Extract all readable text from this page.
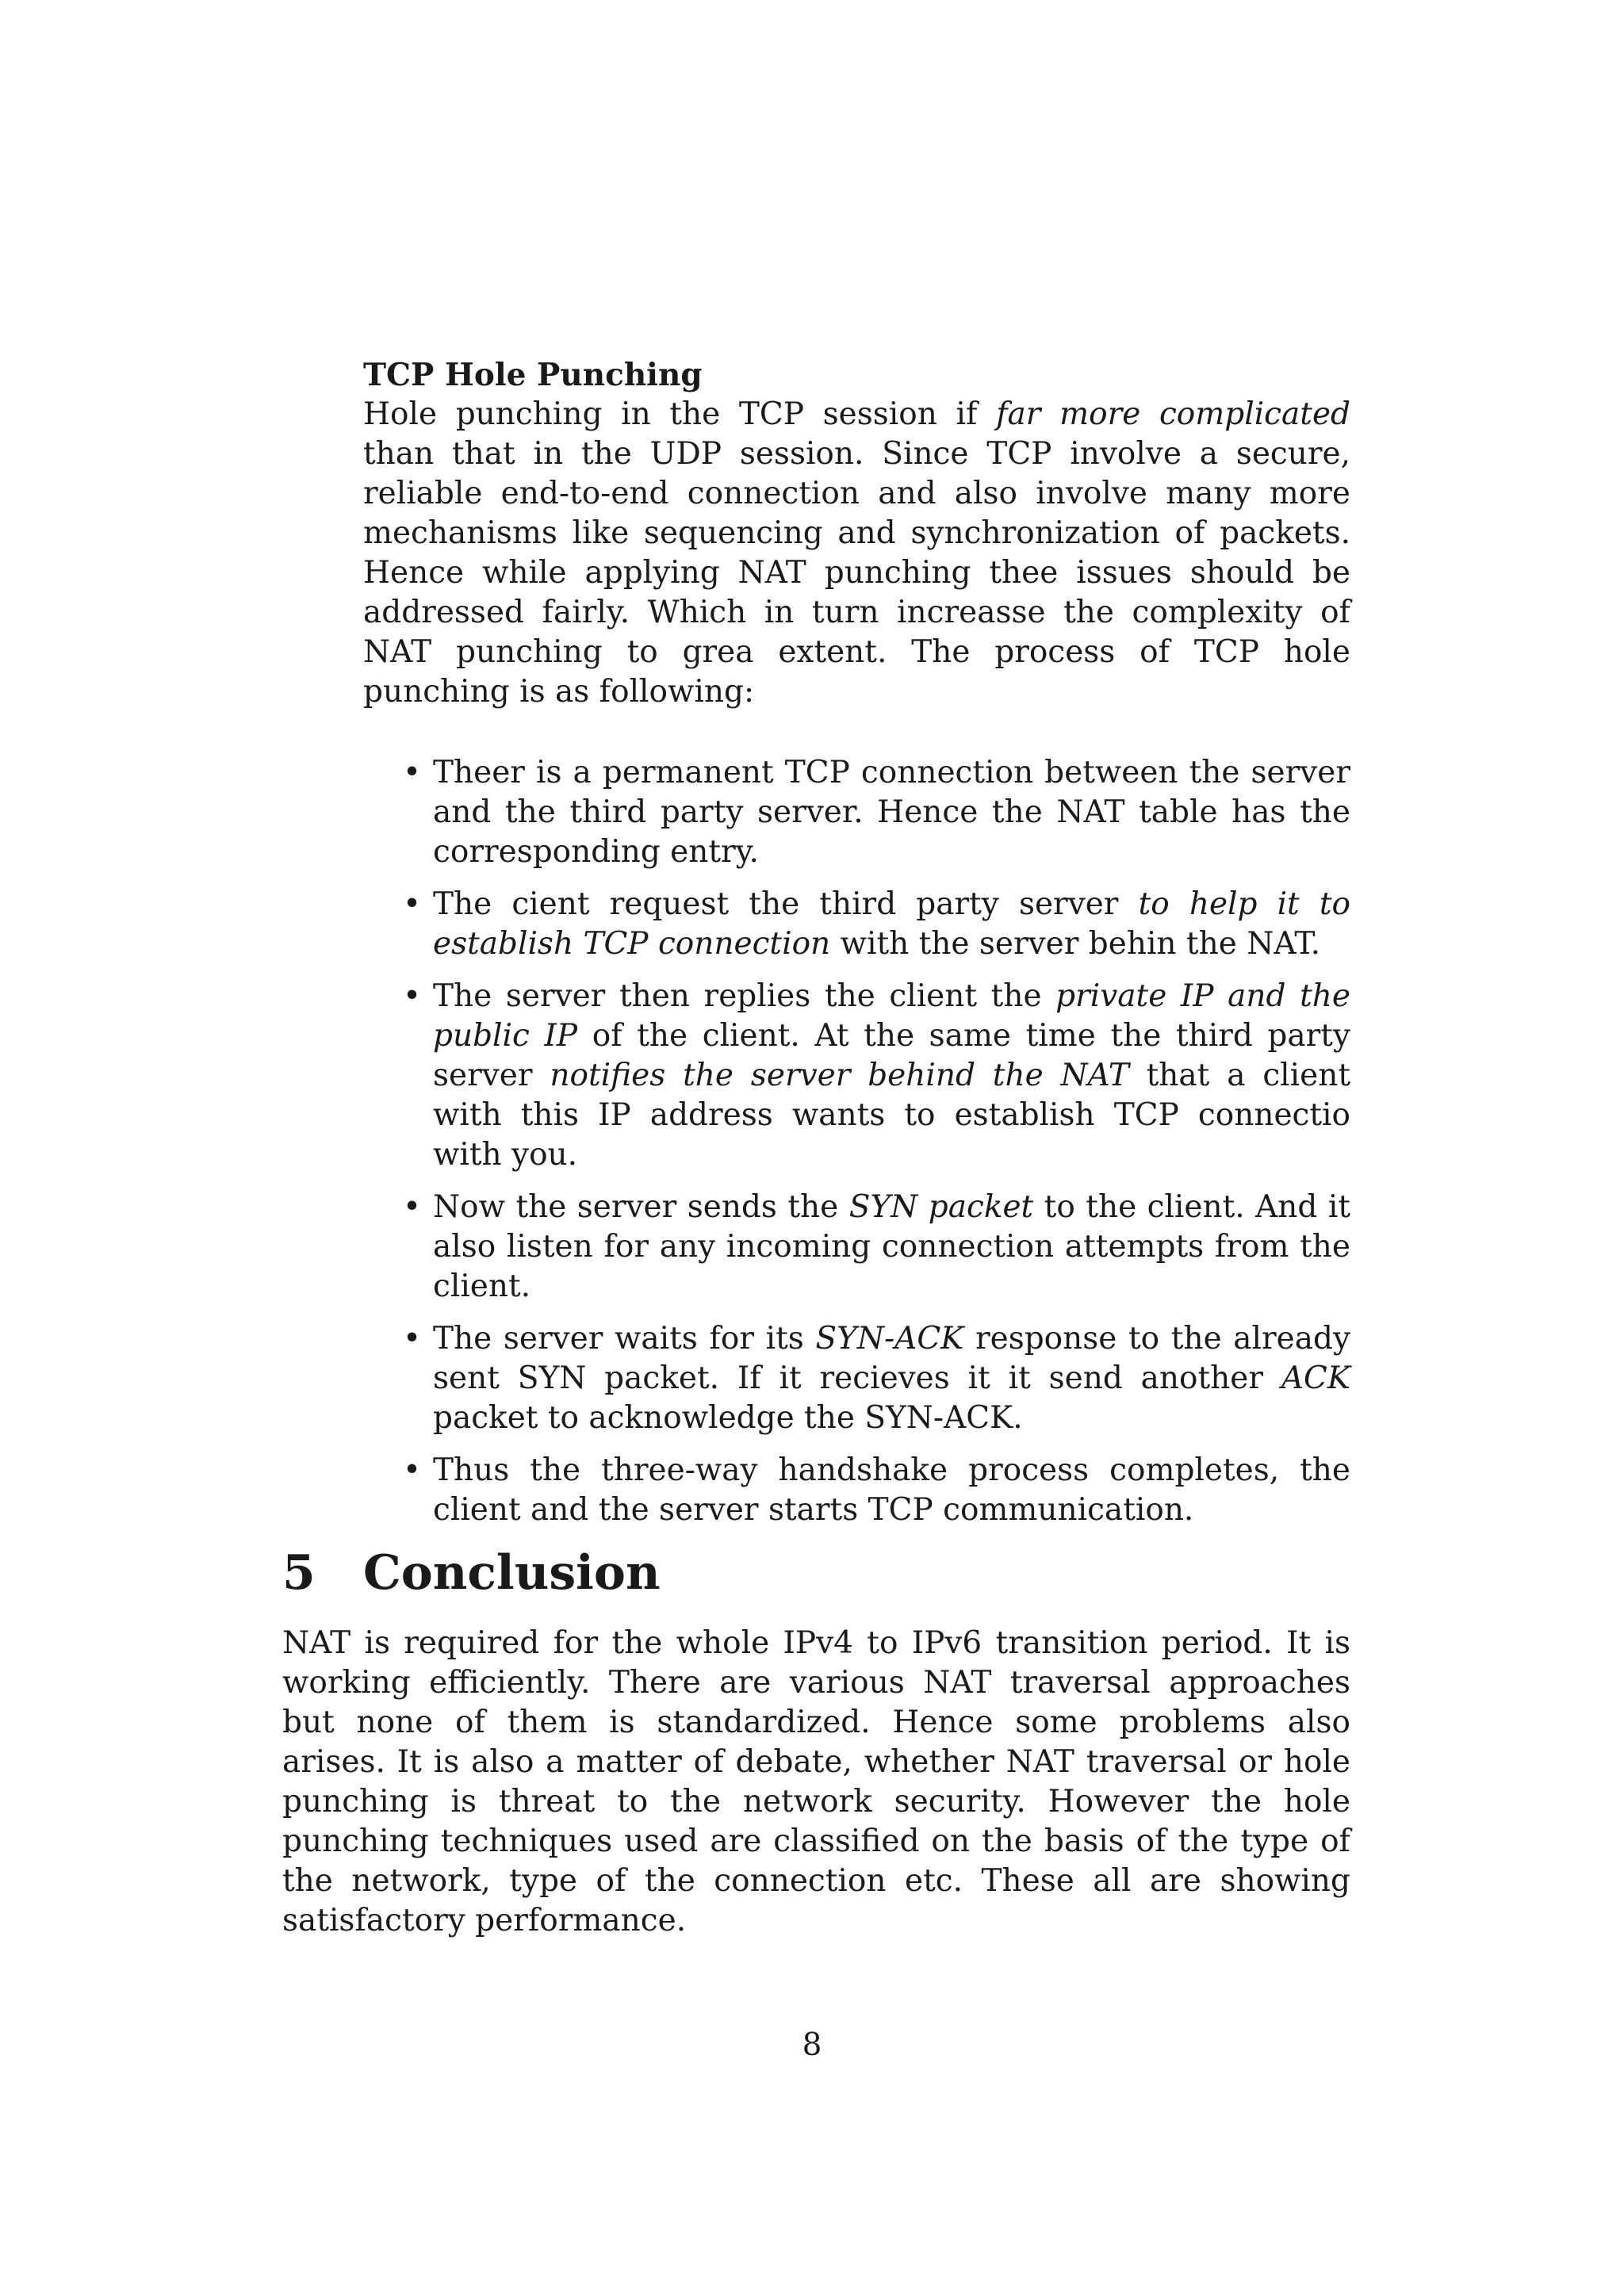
TCP Hole Punching

Hole punching in the TCP session if far more complicated than that in the UDP session. Since TCP involve a secure, reliable end-to-end connection and also involve many more mechanisms like sequencing and synchronization of packets. Hence while applying NAT punching thee issues should be addressed fairly. Which in turn increasse the complexity of NAT punching to grea extent. The process of TCP hole punching is as following:

• Theer is a permanent TCP connection between the server and the third party server. Hence the NAT table has the corresponding entry.
• The cient request the third party server to help it to establish TCP connection with the server behin the NAT.
• The server then replies the client the private IP and the public IP of the client. At the same time the third party server notifies the server behind the NAT that a client with this IP address wants to establish TCP connectio with you.
• Now the server sends the SYN packet to the client. And it also listen for any incoming connection attempts from the client.
• The server waits for its SYN-ACK response to the already sent SYN packet. If it recieves it it send another ACK packet to acknowledge the SYN-ACK.
• Thus the three-way handshake process completes, the client and the server starts TCP communication.
5	Conclusion

NAT is required for the whole IPv4 to IPv6 transition period. It is working efficiently. There are various NAT traversal approaches but none of them is standardized. Hence some problems also arises. It is also a matter of debate, whether NAT traversal or hole punching is threat to the network security. However the hole punching techniques used are classified on the basis of the type of the network, type of the connection etc. These all are showing satisfactory performance.

8
